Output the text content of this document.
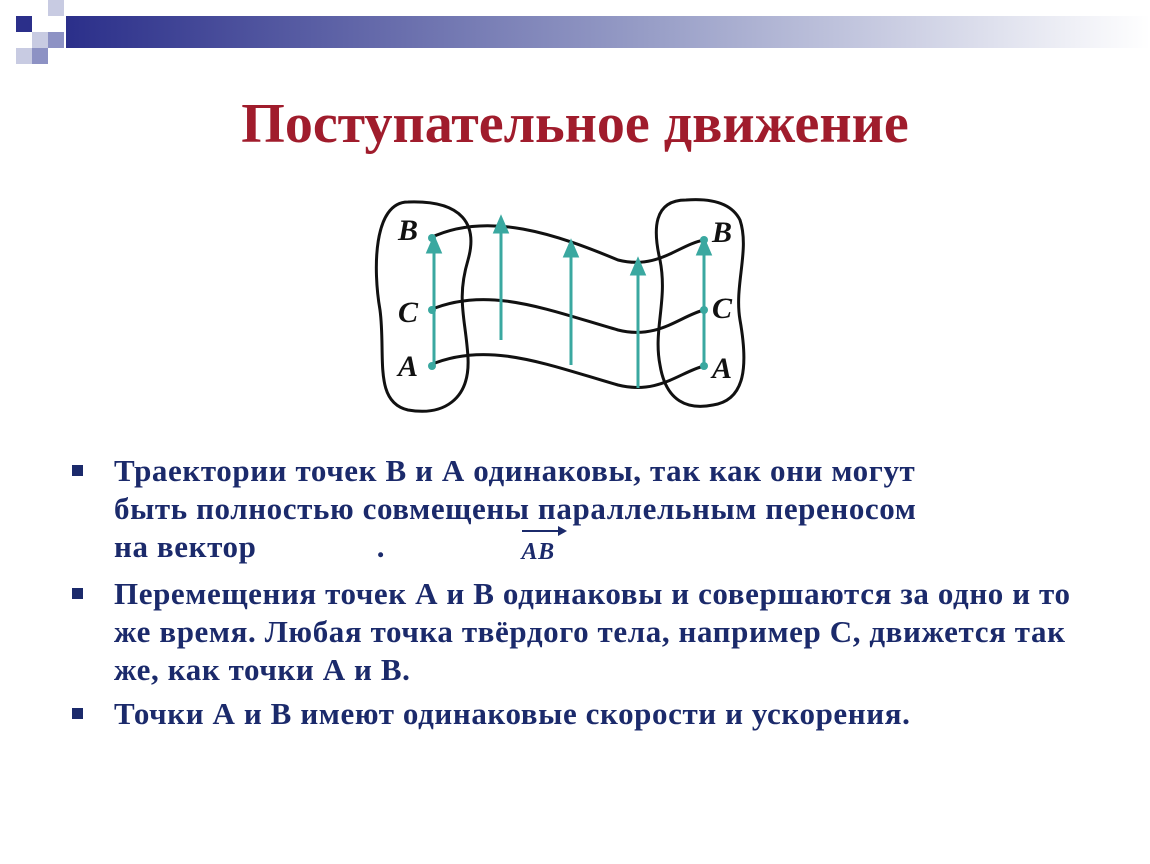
Поступательное движение
B
C
A
B
C
A
Траектории точек В и А одинаковы, так как они могут
быть полностью совмещены параллельным переносом
на вектор	.	AB
Перемещения точек А и В одинаковы и совершаются за одно и то же время. Любая точка твёрдого тела, например С, движется так же, как точки А и В.
Точки А и В имеют одинаковые скорости и ускорения.
